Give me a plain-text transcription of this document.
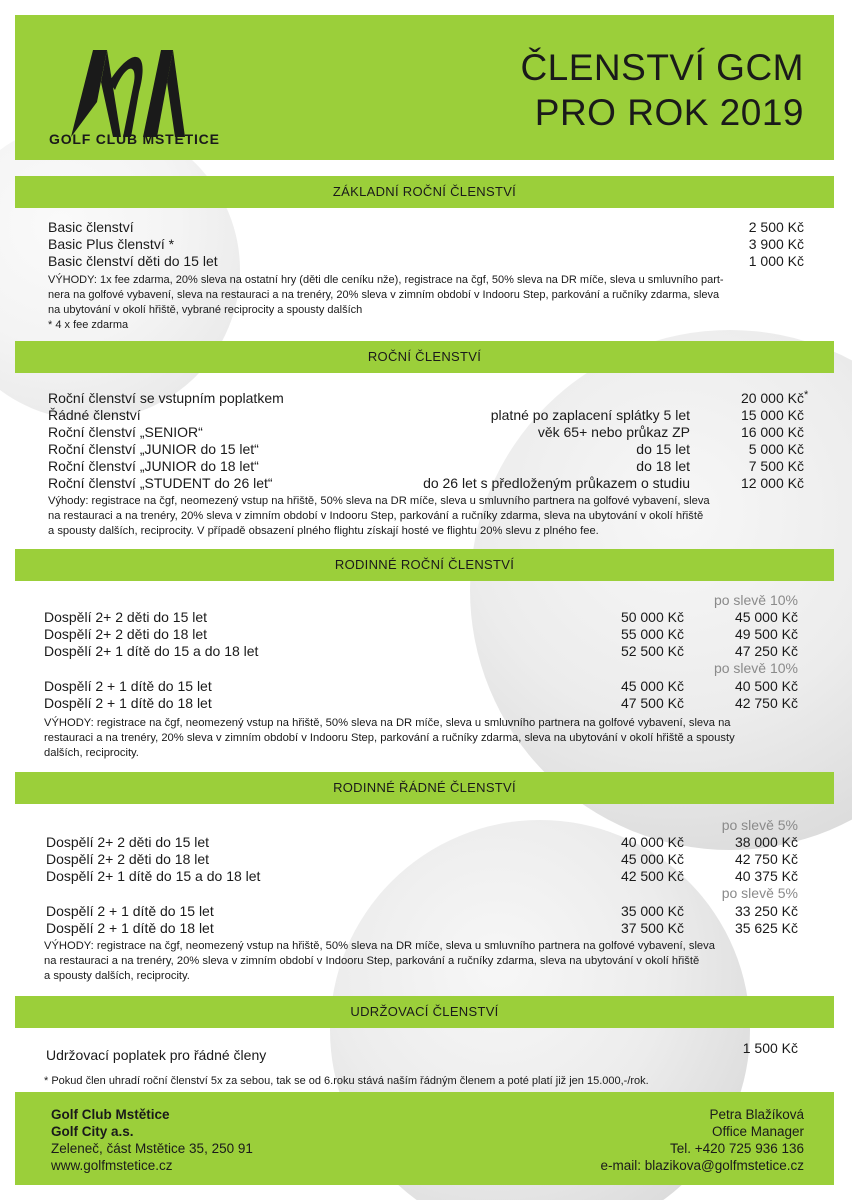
GOLF CLUB MSTĚTICE
ČLENSTVÍ GCM
PRO ROK 2019
ZÁKLADNÍ ROČNÍ ČLENSTVÍ
Basic členství	2 500 Kč
Basic Plus členství *	3 900 Kč
Basic členství děti do 15 let	1 000 Kč
VÝHODY: 1x fee zdarma, 20% sleva na ostatní hry (děti dle ceníku nže), registrace na čgf, 50% sleva na DR míče, sleva u smluvního part-
nera na golfové vybavení, sleva na restauraci a na trenéry, 20% sleva v zimním období v Indooru Step, parkování a ručníky zdarma, sleva
na ubytování v okolí hřiště, vybrané reciprocity a spousty dalších
* 4 x fee zdarma
ROČNÍ ČLENSTVÍ
Roční členství se vstupním poplatkem	20 000 Kč *
Řádné členství	platné po zaplacení splátky 5 let	15 000 Kč
Roční členství „SENIOR“	věk 65+ nebo průkaz ZP	16 000 Kč
Roční členství „JUNIOR do 15 let“	do 15 let	5 000 Kč
Roční členství „JUNIOR do 18 let“	do 18 let	7 500 Kč
Roční členství „STUDENT do 26 let“	do 26 let s předloženým průkazem o studiu	12 000 Kč
Výhody: registrace na čgf, neomezený vstup na hřiště, 50% sleva na DR míče, sleva u smluvního partnera na golfové vybavení, sleva
na restauraci a na trenéry, 20% sleva v zimním období v Indooru Step, parkování a ručníky zdarma, sleva na ubytování v okolí hřiště
a spousty dalších, reciprocity. V případě obsazení plného flightu získají hosté ve flightu 20% slevu z plného fee.
RODINNÉ ROČNÍ ČLENSTVÍ
po slevě 10%
Dospělí 2+ 2 děti do 15 let	50 000 Kč	45 000 Kč
Dospělí 2+ 2 děti do 18 let	55 000 Kč	49 500 Kč
Dospělí 2+ 1 dítě do 15 a do 18 let	52 500 Kč	47 250 Kč
po slevě 10%
Dospělí 2 + 1 dítě do 15 let	45 000 Kč	40 500 Kč
Dospělí 2 + 1 dítě do 18 let	47 500 Kč	42 750 Kč
VÝHODY: registrace na čgf, neomezený vstup na hřiště, 50% sleva na DR míče, sleva u smluvního partnera na golfové vybavení, sleva na
restauraci a na trenéry, 20% sleva v zimním období v Indooru Step, parkování a ručníky zdarma, sleva na ubytování v okolí hřiště a spousty
dalších, reciprocity.
RODINNÉ ŘÁDNÉ ČLENSTVÍ
po slevě 5%
Dospělí 2+ 2 děti do 15 let	40 000 Kč	38 000 Kč
Dospělí 2+ 2 děti do 18 let	45 000 Kč	42 750 Kč
Dospělí 2+ 1 dítě do 15 a do 18 let	42 500 Kč	40 375 Kč
po slevě 5%
Dospělí 2 + 1 dítě do 15 let	35 000 Kč	33 250 Kč
Dospělí 2 + 1 dítě do 18 let	37 500 Kč	35 625 Kč
VÝHODY: registrace na čgf, neomezený vstup na hřiště, 50% sleva na DR míče, sleva u smluvního partnera na golfové vybavení, sleva
na restauraci a na trenéry, 20% sleva v zimním období v Indooru Step, parkování a ručníky zdarma, sleva na ubytování v okolí hřiště
a spousty dalších, reciprocity.
UDRŽOVACÍ ČLENSTVÍ
Udržovací poplatek pro řádné členy	1 500 Kč
* Pokud člen uhradí roční členství 5x za sebou, tak se od 6.roku stává naším řádným členem a poté platí již jen 15.000,-/rok.
Golf Club Mstětice
Golf City a.s.
Zeleneč, část Mstětice 35, 250 91
www.golfmstetice.cz
Petra Blažíková
Office Manager
Tel. +420 725 936 136
e-mail: blazikova@golfmstetice.cz
